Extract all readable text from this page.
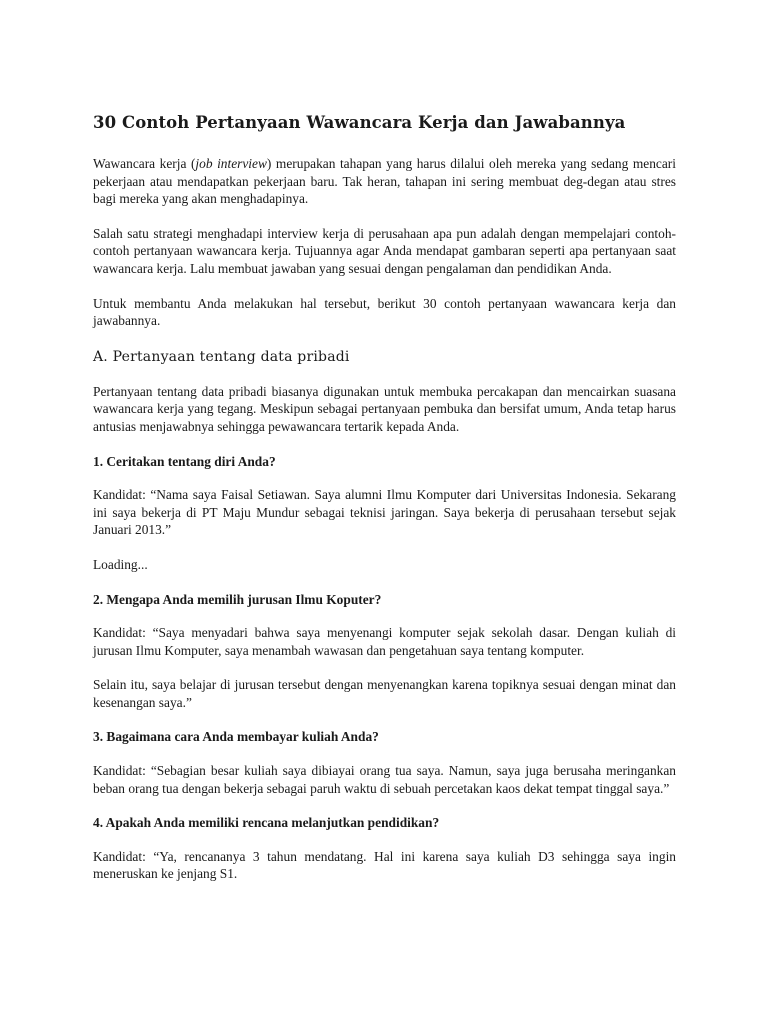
30 Contoh Pertanyaan Wawancara Kerja dan Jawabannya

Wawancara kerja (job interview) merupakan tahapan yang harus dilalui oleh mereka yang sedang mencari pekerjaan atau mendapatkan pekerjaan baru. Tak heran, tahapan ini sering membuat deg-degan atau stres bagi mereka yang akan menghadapinya.

Salah satu strategi menghadapi interview kerja di perusahaan apa pun adalah dengan mempelajari contoh-contoh pertanyaan wawancara kerja. Tujuannya agar Anda mendapat gambaran seperti apa pertanyaan saat wawancara kerja. Lalu membuat jawaban yang sesuai dengan pengalaman dan pendidikan Anda.

Untuk membantu Anda melakukan hal tersebut, berikut 30 contoh pertanyaan wawancara kerja dan jawabannya.

A. Pertanyaan tentang data pribadi

Pertanyaan tentang data pribadi biasanya digunakan untuk membuka percakapan dan mencairkan suasana wawancara kerja yang tegang. Meskipun sebagai pertanyaan pembuka dan bersifat umum, Anda tetap harus antusias menjawabnya sehingga pewawancara tertarik kepada Anda.

1. Ceritakan tentang diri Anda?

Kandidat: “Nama saya Faisal Setiawan. Saya alumni Ilmu Komputer dari Universitas Indonesia. Sekarang ini saya bekerja di PT Maju Mundur sebagai teknisi jaringan. Saya bekerja di perusahaan tersebut sejak Januari 2013.”

Loading...

2. Mengapa Anda memilih jurusan Ilmu Koputer?

Kandidat: “Saya menyadari bahwa saya menyenangi komputer sejak sekolah dasar. Dengan kuliah di jurusan Ilmu Komputer, saya menambah wawasan dan pengetahuan saya tentang komputer.

Selain itu, saya belajar di jurusan tersebut dengan menyenangkan karena topiknya sesuai dengan minat dan kesenangan saya.”

3. Bagaimana cara Anda membayar kuliah Anda?

Kandidat: “Sebagian besar kuliah saya dibiayai orang tua saya. Namun, saya juga berusaha meringankan beban orang tua dengan bekerja sebagai paruh waktu di sebuah percetakan kaos dekat tempat tinggal saya.”

4. Apakah Anda memiliki rencana melanjutkan pendidikan?

Kandidat: “Ya, rencananya 3 tahun mendatang. Hal ini karena saya kuliah D3 sehingga saya ingin meneruskan ke jenjang S1.
